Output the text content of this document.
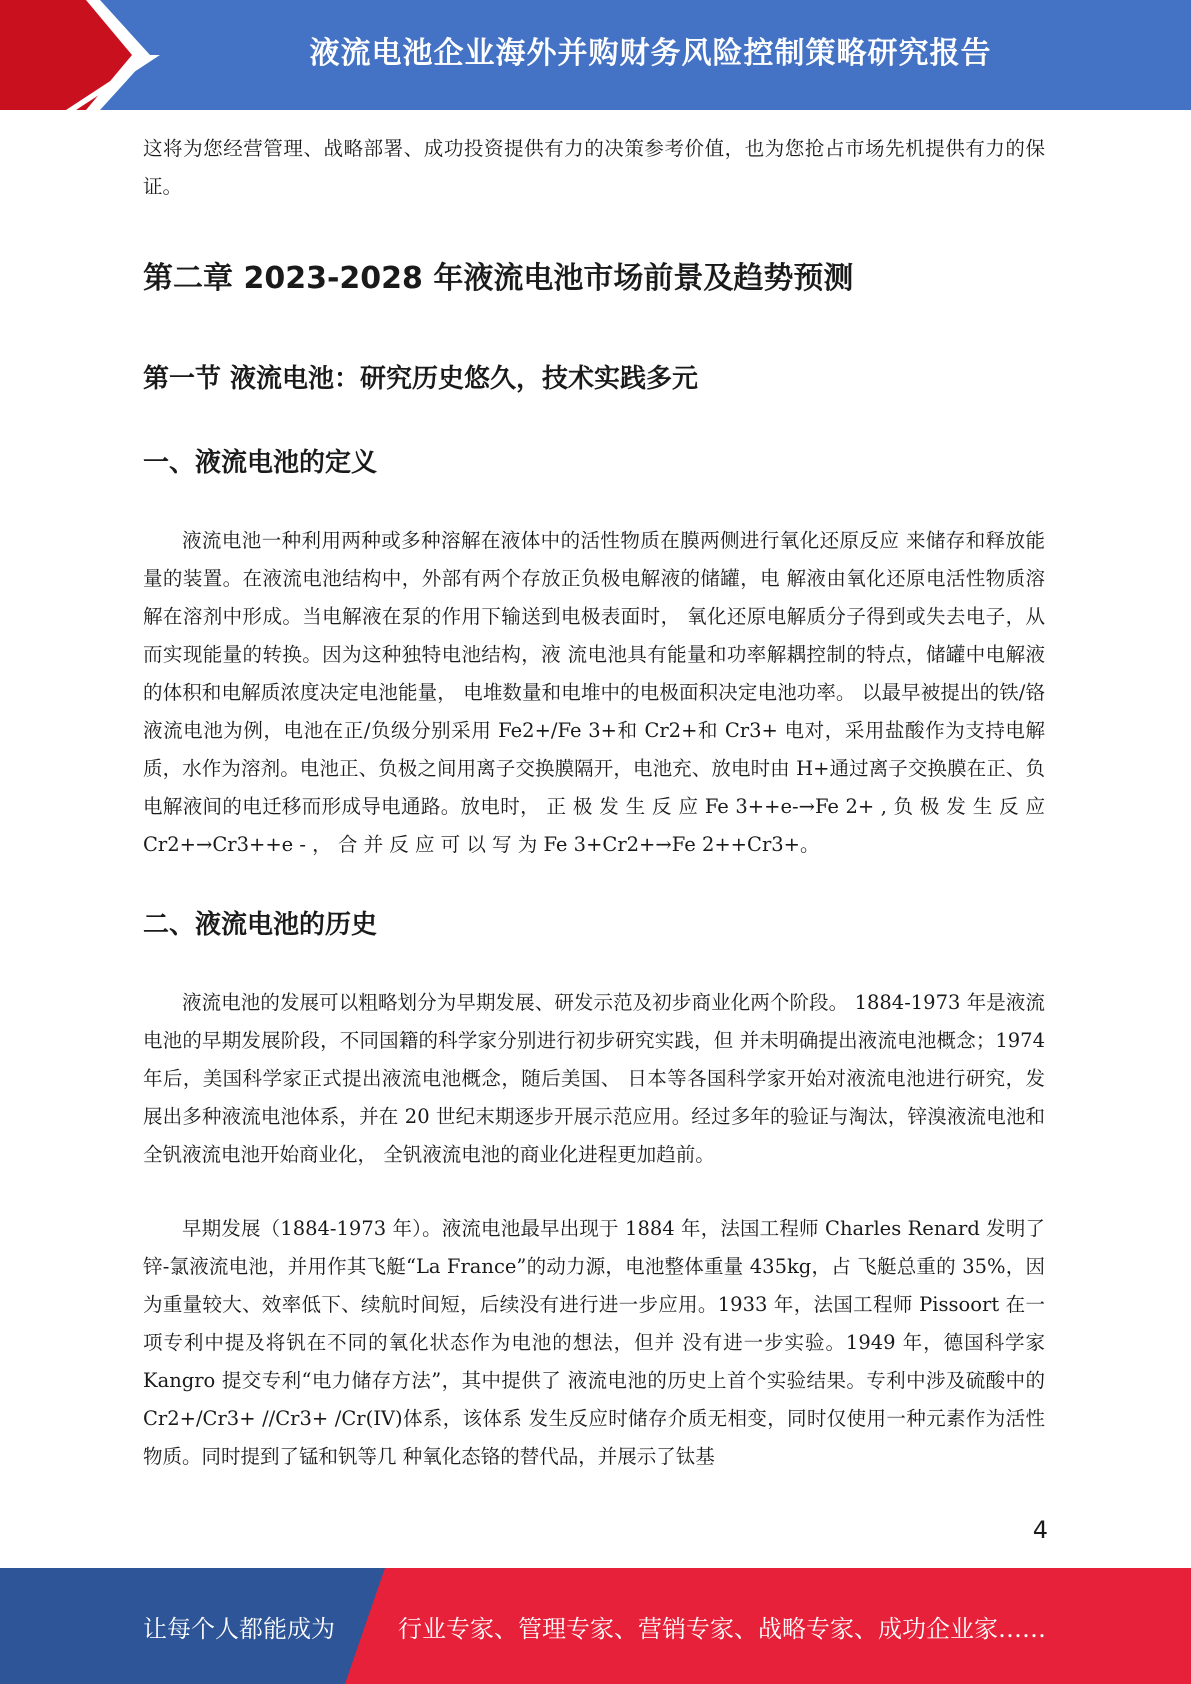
液流电池企业海外并购财务风险控制策略研究报告

这将为您经营管理、战略部署、成功投资提供有力的决策参考价值，也为您抢占市场先机提供有力的保证。

第二章 2023-2028 年液流电池市场前景及趋势预测
第一节 液流电池：研究历史悠久，技术实践多元
一、液流电池的定义

液流电池一种利用两种或多种溶解在液体中的活性物质在膜两侧进行氧化还原反应 来储存和释放能量的装置。在液流电池结构中，外部有两个存放正负极电解液的储罐，电 解液由氧化还原电活性物质溶解在溶剂中形成。当电解液在泵的作用下输送到电极表面时， 氧化还原电解质分子得到或失去电子，从而实现能量的转换。因为这种独特电池结构，液 流电池具有能量和功率解耦控制的特点，储罐中电解液的体积和电解质浓度决定电池能量， 电堆数量和电堆中的电极面积决定电池功率。 以最早被提出的铁/铬液流电池为例，电池在正/负级分别采用 Fe2+/Fe 3+和 Cr2+和 Cr3+ 电对，采用盐酸作为支持电解质，水作为溶剂。电池正、负极之间用离子交换膜隔开，电池充、放电时由 H+通过离子交换膜在正、负电解液间的电迁移而形成导电通路。放电时， 正 极 发 生 反 应 Fe 3++e-→Fe 2+ , 负 极 发 生 反 应 Cr2+→Cr3++e - ， 合 并 反 应 可 以 写 为 Fe 3+Cr2+→Fe 2++Cr3+。

二、液流电池的历史

液流电池的发展可以粗略划分为早期发展、研发示范及初步商业化两个阶段。 1884-1973 年是液流电池的早期发展阶段，不同国籍的科学家分别进行初步研究实践，但 并未明确提出液流电池概念；1974 年后，美国科学家正式提出液流电池概念，随后美国、 日本等各国科学家开始对液流电池进行研究，发展出多种液流电池体系，并在 20 世纪末期逐步开展示范应用。经过多年的验证与淘汰，锌溴液流电池和全钒液流电池开始商业化， 全钒液流电池的商业化进程更加趋前。

早期发展（1884-1973 年）。液流电池最早出现于 1884 年，法国工程师 Charles Renard 发明了锌-氯液流电池，并用作其飞艇“La France”的动力源，电池整体重量 435kg，占 飞艇总重的 35%，因为重量较大、效率低下、续航时间短，后续没有进行进一步应用。1933 年，法国工程师 Pissoort 在一项专利中提及将钒在不同的氧化状态作为电池的想法，但并 没有进一步实验。1949 年，德国科学家 Kangro 提交专利“电力储存方法”，其中提供了 液流电池的历史上首个实验结果。专利中涉及硫酸中的 Cr2+/Cr3+ //Cr3+ /Cr(IV)体系，该体系 发生反应时储存介质无相变，同时仅使用一种元素作为活性物质。同时提到了锰和钒等几 种氧化态铬的替代品，并展示了钛基

4
让每个人都能成为	行业专家、管理专家、营销专家、战略专家、成功企业家……
